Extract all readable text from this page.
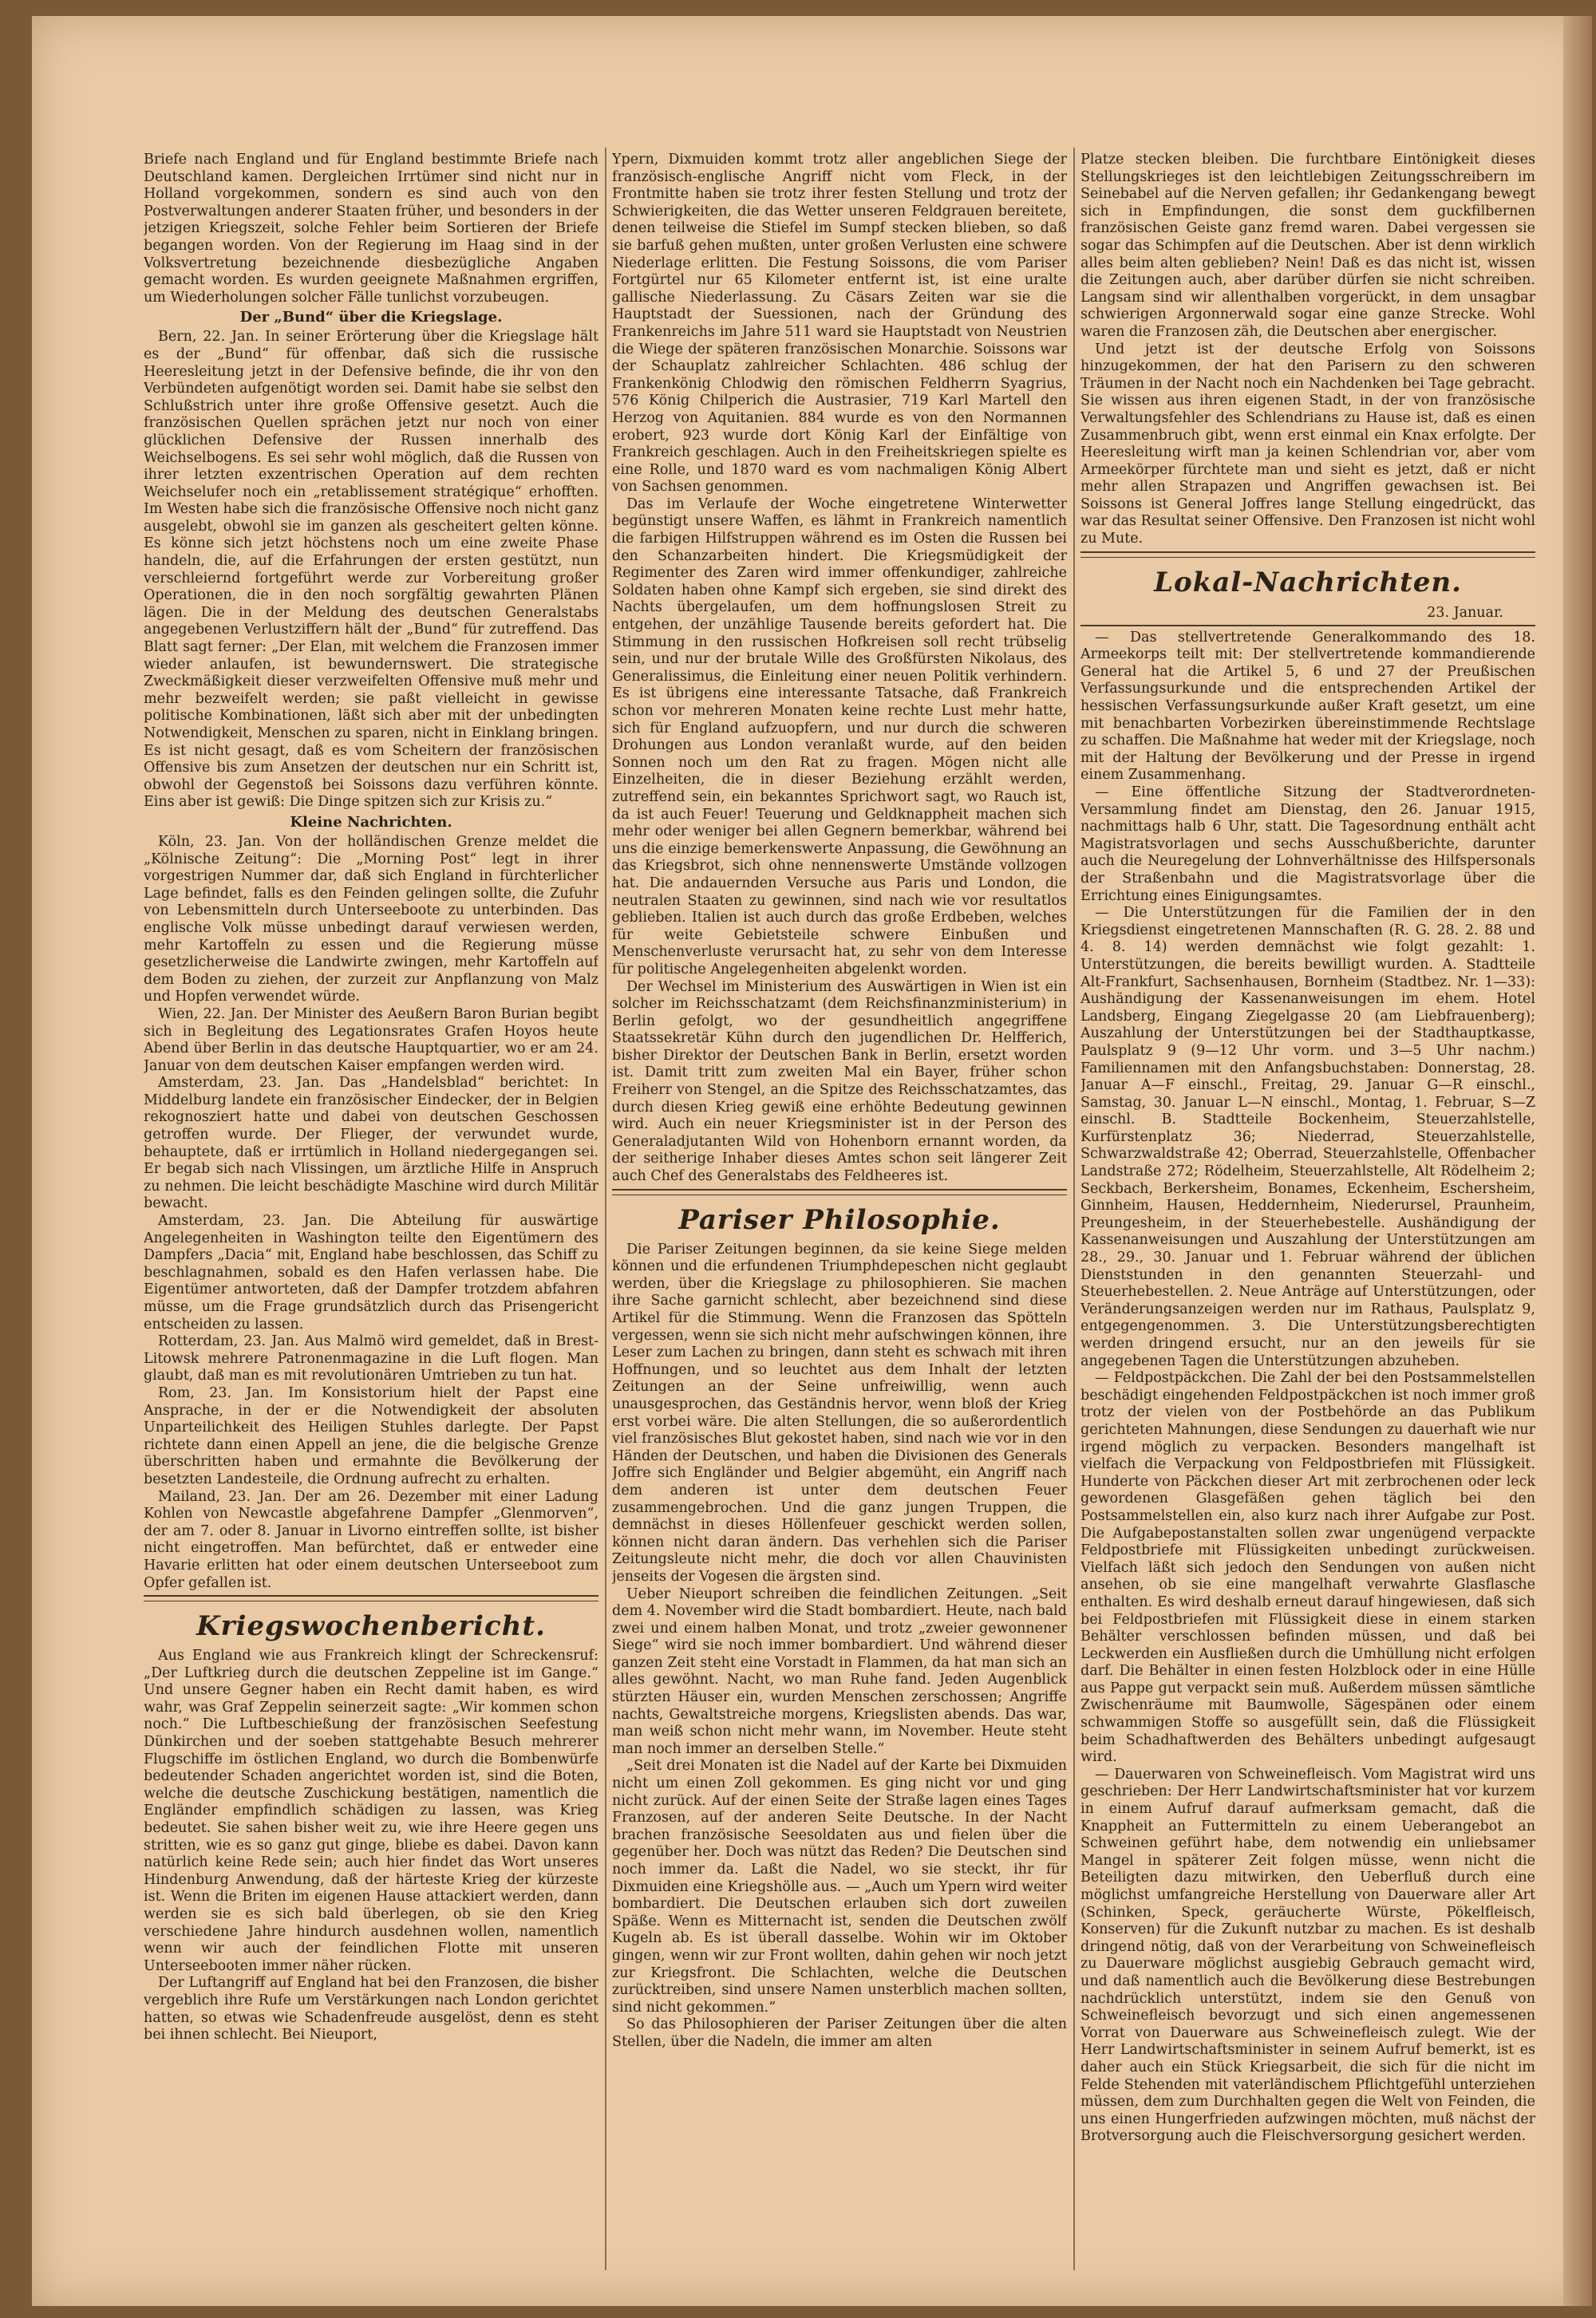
Briefe nach England und für England bestimmte Briefe nach Deutschland kamen. Dergleichen Irrtümer sind nicht nur in Holland vorgekommen, sondern es sind auch von den Postverwaltungen anderer Staaten früher, und besonders in der jetzigen Kriegszeit, solche Fehler beim Sortieren der Briefe begangen worden. Von der Regierung im Haag sind in der Volksvertretung bezeichnende diesbezügliche Angaben gemacht worden. Es wurden geeignete Maßnahmen ergriffen, um Wiederholungen solcher Fälle tunlichst vorzubeugen.

Der „Bund“ über die Kriegslage.

Bern, 22. Jan. In seiner Erörterung über die Kriegslage hält es der „Bund“ für offenbar, daß sich die russische Heeresleitung jetzt in der Defensive befinde, die ihr von den Verbündeten aufgenötigt worden sei. Damit habe sie selbst den Schlußstrich unter ihre große Offensive gesetzt. Auch die französischen Quellen sprächen jetzt nur noch von einer glücklichen Defensive der Russen innerhalb des Weichselbogens. Es sei sehr wohl möglich, daß die Russen von ihrer letzten exzentrischen Operation auf dem rechten Weichselufer noch ein „retablissement stratégique“ erhofften. Im Westen habe sich die französische Offensive noch nicht ganz ausgelebt, obwohl sie im ganzen als gescheitert gelten könne. Es könne sich jetzt höchstens noch um eine zweite Phase handeln, die, auf die Erfahrungen der ersten gestützt, nun verschleiernd fortgeführt werde zur Vorbereitung großer Operationen, die in den noch sorgfältig gewahrten Plänen lägen. Die in der Meldung des deutschen Generalstabs angegebenen Verlustziffern hält der „Bund“ für zutreffend. Das Blatt sagt ferner: „Der Elan, mit welchem die Franzosen immer wieder anlaufen, ist bewundernswert. Die strategische Zweckmäßigkeit dieser verzweifelten Offensive muß mehr und mehr bezweifelt werden; sie paßt vielleicht in gewisse politische Kombinationen, läßt sich aber mit der unbedingten Notwendigkeit, Menschen zu sparen, nicht in Einklang bringen. Es ist nicht gesagt, daß es vom Scheitern der französischen Offensive bis zum Ansetzen der deutschen nur ein Schritt ist, obwohl der Gegenstoß bei Soissons dazu verführen könnte. Eins aber ist gewiß: Die Dinge spitzen sich zur Krisis zu.“

Kleine Nachrichten.

Köln, 23. Jan. Von der holländischen Grenze meldet die „Kölnische Zeitung“: Die „Morning Post“ legt in ihrer vorgestrigen Nummer dar, daß sich England in fürchterlicher Lage befindet, falls es den Feinden gelingen sollte, die Zufuhr von Lebensmitteln durch Unterseeboote zu unterbinden. Das englische Volk müsse unbedingt darauf verwiesen werden, mehr Kartoffeln zu essen und die Regierung müsse gesetzlicherweise die Landwirte zwingen, mehr Kartoffeln auf dem Boden zu ziehen, der zurzeit zur Anpflanzung von Malz und Hopfen verwendet würde.

Wien, 22. Jan. Der Minister des Aeußern Baron Burian begibt sich in Begleitung des Legationsrates Grafen Hoyos heute Abend über Berlin in das deutsche Hauptquartier, wo er am 24. Januar von dem deutschen Kaiser empfangen werden wird.

Amsterdam, 23. Jan. Das „Handelsblad“ berichtet: In Middelburg landete ein französischer Eindecker, der in Belgien rekognosziert hatte und dabei von deutschen Geschossen getroffen wurde. Der Flieger, der verwundet wurde, behauptete, daß er irrtümlich in Holland niedergegangen sei. Er begab sich nach Vlissingen, um ärztliche Hilfe in Anspruch zu nehmen. Die leicht beschädigte Maschine wird durch Militär bewacht.

Amsterdam, 23. Jan. Die Abteilung für auswärtige Angelegenheiten in Washington teilte den Eigentümern des Dampfers „Dacia“ mit, England habe beschlossen, das Schiff zu beschlagnahmen, sobald es den Hafen verlassen habe. Die Eigentümer antworteten, daß der Dampfer trotzdem abfahren müsse, um die Frage grundsätzlich durch das Prisengericht entscheiden zu lassen.

Rotterdam, 23. Jan. Aus Malmö wird gemeldet, daß in Brest-Litowsk mehrere Patronenmagazine in die Luft flogen. Man glaubt, daß man es mit revolutionären Umtrieben zu tun hat.

Rom, 23. Jan. Im Konsistorium hielt der Papst eine Ansprache, in der er die Notwendigkeit der absoluten Unparteilichkeit des Heiligen Stuhles darlegte. Der Papst richtete dann einen Appell an jene, die die belgische Grenze überschritten haben und ermahnte die Bevölkerung der besetzten Landesteile, die Ordnung aufrecht zu erhalten.

Mailand, 23. Jan. Der am 26. Dezember mit einer Ladung Kohlen von Newcastle abgefahrene Dampfer „Glenmorven“, der am 7. oder 8. Januar in Livorno eintreffen sollte, ist bisher nicht eingetroffen. Man befürchtet, daß er entweder eine Havarie erlitten hat oder einem deutschen Unterseeboot zum Opfer gefallen ist.

Kriegswochenbericht.

Aus England wie aus Frankreich klingt der Schreckensruf: „Der Luftkrieg durch die deutschen Zeppeline ist im Gange.“ Und unsere Gegner haben ein Recht damit haben, es wird wahr, was Graf Zeppelin seinerzeit sagte: „Wir kommen schon noch.“ Die Luftbeschießung der französischen Seefestung Dünkirchen und der soeben stattgehabte Besuch mehrerer Flugschiffe im östlichen England, wo durch die Bombenwürfe bedeutender Schaden angerichtet worden ist, sind die Boten, welche die deutsche Zuschickung bestätigen, namentlich die Engländer empfindlich schädigen zu lassen, was Krieg bedeutet. Sie sahen bisher weit zu, wie ihre Heere gegen uns stritten, wie es so ganz gut ginge, bliebe es dabei. Davon kann natürlich keine Rede sein; auch hier findet das Wort unseres Hindenburg Anwendung, daß der härteste Krieg der kürzeste ist. Wenn die Briten im eigenen Hause attackiert werden, dann werden sie es sich bald überlegen, ob sie den Krieg verschiedene Jahre hindurch ausdehnen wollen, namentlich wenn wir auch der feindlichen Flotte mit unseren Unterseebooten immer näher rücken.

Der Luftangriff auf England hat bei den Franzosen, die bisher vergeblich ihre Rufe um Verstärkungen nach London gerichtet hatten, so etwas wie Schadenfreude ausgelöst, denn es steht bei ihnen schlecht. Bei Nieuport,

Ypern, Dixmuiden kommt trotz aller angeblichen Siege der französisch-englische Angriff nicht vom Fleck, in der Frontmitte haben sie trotz ihrer festen Stellung und trotz der Schwierigkeiten, die das Wetter unseren Feldgrauen bereitete, denen teilweise die Stiefel im Sumpf stecken blieben, so daß sie barfuß gehen mußten, unter großen Verlusten eine schwere Niederlage erlitten. Die Festung Soissons, die vom Pariser Fortgürtel nur 65 Kilometer entfernt ist, ist eine uralte gallische Niederlassung. Zu Cäsars Zeiten war sie die Hauptstadt der Suessionen, nach der Gründung des Frankenreichs im Jahre 511 ward sie Hauptstadt von Neustrien die Wiege der späteren französischen Monarchie. Soissons war der Schauplatz zahlreicher Schlachten. 486 schlug der Frankenkönig Chlodwig den römischen Feldherrn Syagrius, 576 König Chilperich die Austrasier, 719 Karl Martell den Herzog von Aquitanien. 884 wurde es von den Normannen erobert, 923 wurde dort König Karl der Einfältige von Frankreich geschlagen. Auch in den Freiheitskriegen spielte es eine Rolle, und 1870 ward es vom nachmaligen König Albert von Sachsen genommen.

Das im Verlaufe der Woche eingetretene Winterwetter begünstigt unsere Waffen, es lähmt in Frankreich namentlich die farbigen Hilfstruppen während es im Osten die Russen bei den Schanzarbeiten hindert. Die Kriegsmüdigkeit der Regimenter des Zaren wird immer offenkundiger, zahlreiche Soldaten haben ohne Kampf sich ergeben, sie sind direkt des Nachts übergelaufen, um dem hoffnungslosen Streit zu entgehen, der unzählige Tausende bereits gefordert hat. Die Stimmung in den russischen Hofkreisen soll recht trübselig sein, und nur der brutale Wille des Großfürsten Nikolaus, des Generalissimus, die Einleitung einer neuen Politik verhindern. Es ist übrigens eine interessante Tatsache, daß Frankreich schon vor mehreren Monaten keine rechte Lust mehr hatte, sich für England aufzuopfern, und nur durch die schweren Drohungen aus London veranlaßt wurde, auf den beiden Sonnen noch um den Rat zu fragen. Mögen nicht alle Einzelheiten, die in dieser Beziehung erzählt werden, zutreffend sein, ein bekanntes Sprichwort sagt, wo Rauch ist, da ist auch Feuer! Teuerung und Geldknappheit machen sich mehr oder weniger bei allen Gegnern bemerkbar, während bei uns die einzige bemerkenswerte Anpassung, die Gewöhnung an das Kriegsbrot, sich ohne nennenswerte Umstände vollzogen hat. Die andauernden Versuche aus Paris und London, die neutralen Staaten zu gewinnen, sind nach wie vor resultatlos geblieben. Italien ist auch durch das große Erdbeben, welches für weite Gebietsteile schwere Einbußen und Menschenverluste verursacht hat, zu sehr von dem Interesse für politische Angelegenheiten abgelenkt worden.

Der Wechsel im Ministerium des Auswärtigen in Wien ist ein solcher im Reichsschatzamt (dem Reichsfinanzministerium) in Berlin gefolgt, wo der gesundheitlich angegriffene Staatssekretär Kühn durch den jugendlichen Dr. Helfferich, bisher Direktor der Deutschen Bank in Berlin, ersetzt worden ist. Damit tritt zum zweiten Mal ein Bayer, früher schon Freiherr von Stengel, an die Spitze des Reichsschatzamtes, das durch diesen Krieg gewiß eine erhöhte Bedeutung gewinnen wird. Auch ein neuer Kriegsminister ist in der Person des Generaladjutanten Wild von Hohenborn ernannt worden, da der seitherige Inhaber dieses Amtes schon seit längerer Zeit auch Chef des Generalstabs des Feldheeres ist.

Pariser Philosophie.

Die Pariser Zeitungen beginnen, da sie keine Siege melden können und die erfundenen Triumphdepeschen nicht geglaubt werden, über die Kriegslage zu philosophieren. Sie machen ihre Sache garnicht schlecht, aber bezeichnend sind diese Artikel für die Stimmung. Wenn die Franzosen das Spötteln vergessen, wenn sie sich nicht mehr aufschwingen können, ihre Leser zum Lachen zu bringen, dann steht es schwach mit ihren Hoffnungen, und so leuchtet aus dem Inhalt der letzten Zeitungen an der Seine unfreiwillig, wenn auch unausgesprochen, das Geständnis hervor, wenn bloß der Krieg erst vorbei wäre. Die alten Stellungen, die so außerordentlich viel französisches Blut gekostet haben, sind nach wie vor in den Händen der Deutschen, und haben die Divisionen des Generals Joffre sich Engländer und Belgier abgemüht, ein Angriff nach dem anderen ist unter dem deutschen Feuer zusammengebrochen. Und die ganz jungen Truppen, die demnächst in dieses Höllenfeuer geschickt werden sollen, können nicht daran ändern. Das verhehlen sich die Pariser Zeitungsleute nicht mehr, die doch vor allen Chauvinisten jenseits der Vogesen die ärgsten sind.

Ueber Nieuport schreiben die feindlichen Zeitungen. „Seit dem 4. November wird die Stadt bombardiert. Heute, nach bald zwei und einem halben Monat, und trotz „zweier gewonnener Siege“ wird sie noch immer bombardiert. Und während dieser ganzen Zeit steht eine Vorstadt in Flammen, da hat man sich an alles gewöhnt. Nacht, wo man Ruhe fand. Jeden Augenblick stürzten Häuser ein, wurden Menschen zerschossen; Angriffe nachts, Gewaltstreiche morgens, Kriegslisten abends. Das war, man weiß schon nicht mehr wann, im November. Heute steht man noch immer an derselben Stelle.“

„Seit drei Monaten ist die Nadel auf der Karte bei Dixmuiden nicht um einen Zoll gekommen. Es ging nicht vor und ging nicht zurück. Auf der einen Seite der Straße lagen eines Tages Franzosen, auf der anderen Seite Deutsche. In der Nacht brachen französische Seesoldaten aus und fielen über die gegenüber her. Doch was nützt das Reden? Die Deutschen sind noch immer da. Laßt die Nadel, wo sie steckt, ihr für Dixmuiden eine Kriegshölle aus. — „Auch um Ypern wird weiter bombardiert. Die Deutschen erlauben sich dort zuweilen Späße. Wenn es Mitternacht ist, senden die Deutschen zwölf Kugeln ab. Es ist überall dasselbe. Wohin wir im Oktober gingen, wenn wir zur Front wollten, dahin gehen wir noch jetzt zur Kriegsfront. Die Schlachten, welche die Deutschen zurücktreiben, sind unsere Namen unsterblich machen sollten, sind nicht gekommen.“

So das Philosophieren der Pariser Zeitungen über die alten Stellen, über die Nadeln, die immer am alten

Platze stecken bleiben. Die furchtbare Eintönigkeit dieses Stellungskrieges ist den leichtlebigen Zeitungsschreibern im Seinebabel auf die Nerven gefallen; ihr Gedankengang bewegt sich in Empfindungen, die sonst dem guckfilbernen französischen Geiste ganz fremd waren. Dabei vergessen sie sogar das Schimpfen auf die Deutschen. Aber ist denn wirklich alles beim alten geblieben? Nein! Daß es das nicht ist, wissen die Zeitungen auch, aber darüber dürfen sie nicht schreiben. Langsam sind wir allenthalben vorgerückt, in dem unsagbar schwierigen Argonnerwald sogar eine ganze Strecke. Wohl waren die Franzosen zäh, die Deutschen aber energischer.

Und jetzt ist der deutsche Erfolg von Soissons hinzugekommen, der hat den Parisern zu den schweren Träumen in der Nacht noch ein Nachdenken bei Tage gebracht. Sie wissen aus ihren eigenen Stadt, in der von französische Verwaltungsfehler des Schlendrians zu Hause ist, daß es einen Zusammenbruch gibt, wenn erst einmal ein Knax erfolgte. Der Heeresleitung wirft man ja keinen Schlendrian vor, aber vom Armeekörper fürchtete man und sieht es jetzt, daß er nicht mehr allen Strapazen und Angriffen gewachsen ist. Bei Soissons ist General Joffres lange Stellung eingedrückt, das war das Resultat seiner Offensive. Den Franzosen ist nicht wohl zu Mute.

Lokal-Nachrichten.
23. Januar.

— Das stellvertretende Generalkommando des 18. Armeekorps teilt mit: Der stellvertretende kommandierende General hat die Artikel 5, 6 und 27 der Preußischen Verfassungsurkunde und die entsprechenden Artikel der hessischen Verfassungsurkunde außer Kraft gesetzt, um eine mit benachbarten Vorbezirken übereinstimmende Rechtslage zu schaffen. Die Maßnahme hat weder mit der Kriegslage, noch mit der Haltung der Bevölkerung und der Presse in irgend einem Zusammenhang.

— Eine öffentliche Sitzung der Stadtverordneten-Versammlung findet am Dienstag, den 26. Januar 1915, nachmittags halb 6 Uhr, statt. Die Tagesordnung enthält acht Magistratsvorlagen und sechs Ausschußberichte, darunter auch die Neuregelung der Lohnverhältnisse des Hilfspersonals der Straßenbahn und die Magistratsvorlage über die Errichtung eines Einigungsamtes.

— Die Unterstützungen für die Familien der in den Kriegsdienst eingetretenen Mannschaften (R. G. 28. 2. 88 und 4. 8. 14) werden demnächst wie folgt gezahlt: 1. Unterstützungen, die bereits bewilligt wurden. A. Stadtteile Alt-Frankfurt, Sachsenhausen, Bornheim (Stadtbez. Nr. 1—33): Aushändigung der Kassenanweisungen im ehem. Hotel Landsberg, Eingang Ziegelgasse 20 (am Liebfrauenberg); Auszahlung der Unterstützungen bei der Stadthauptkasse, Paulsplatz 9 (9—12 Uhr vorm. und 3—5 Uhr nachm.) Familiennamen mit den Anfangsbuchstaben: Donnerstag, 28. Januar A—F einschl., Freitag, 29. Januar G—R einschl., Samstag, 30. Januar L—N einschl., Montag, 1. Februar, S—Z einschl. B. Stadtteile Bockenheim, Steuerzahlstelle, Kurfürstenplatz 36; Niederrad, Steuerzahlstelle, Schwarzwaldstraße 42; Oberrad, Steuerzahlstelle, Offenbacher Landstraße 272; Rödelheim, Steuerzahlstelle, Alt Rödelheim 2; Seckbach, Berkersheim, Bonames, Eckenheim, Eschersheim, Ginnheim, Hausen, Heddernheim, Niederursel, Praunheim, Preungesheim, in der Steuerhebestelle. Aushändigung der Kassenanweisungen und Auszahlung der Unterstützungen am 28., 29., 30. Januar und 1. Februar während der üblichen Dienststunden in den genannten Steuerzahl- und Steuerhebestellen. 2. Neue Anträge auf Unterstützungen, oder Veränderungsanzeigen werden nur im Rathaus, Paulsplatz 9, entgegengenommen. 3. Die Unterstützungsberechtigten werden dringend ersucht, nur an den jeweils für sie angegebenen Tagen die Unterstützungen abzuheben.

— Feldpostpäckchen. Die Zahl der bei den Postsammelstellen beschädigt eingehenden Feldpostpäckchen ist noch immer groß trotz der vielen von der Postbehörde an das Publikum gerichteten Mahnungen, diese Sendungen zu dauerhaft wie nur irgend möglich zu verpacken. Besonders mangelhaft ist vielfach die Verpackung von Feldpostbriefen mit Flüssigkeit. Hunderte von Päckchen dieser Art mit zerbrochenen oder leck gewordenen Glasgefäßen gehen täglich bei den Postsammelstellen ein, also kurz nach ihrer Aufgabe zur Post. Die Aufgabepostanstalten sollen zwar ungenügend verpackte Feldpostbriefe mit Flüssigkeiten unbedingt zurückweisen. Vielfach läßt sich jedoch den Sendungen von außen nicht ansehen, ob sie eine mangelhaft verwahrte Glasflasche enthalten. Es wird deshalb erneut darauf hingewiesen, daß sich bei Feldpostbriefen mit Flüssigkeit diese in einem starken Behälter verschlossen befinden müssen, und daß bei Leckwerden ein Ausfließen durch die Umhüllung nicht erfolgen darf. Die Behälter in einen festen Holzblock oder in eine Hülle aus Pappe gut verpackt sein muß. Außerdem müssen sämtliche Zwischenräume mit Baumwolle, Sägespänen oder einem schwammigen Stoffe so ausgefüllt sein, daß die Flüssigkeit beim Schadhaftwerden des Behälters unbedingt aufgesaugt wird.

— Dauerwaren von Schweinefleisch. Vom Magistrat wird uns geschrieben: Der Herr Landwirtschaftsminister hat vor kurzem in einem Aufruf darauf aufmerksam gemacht, daß die Knappheit an Futtermitteln zu einem Ueberangebot an Schweinen geführt habe, dem notwendig ein unliebsamer Mangel in späterer Zeit folgen müsse, wenn nicht die Beteiligten dazu mitwirken, den Ueberfluß durch eine möglichst umfangreiche Herstellung von Dauerware aller Art (Schinken, Speck, geräucherte Würste, Pökelfleisch, Konserven) für die Zukunft nutzbar zu machen. Es ist deshalb dringend nötig, daß von der Verarbeitung von Schweinefleisch zu Dauerware möglichst ausgiebig Gebrauch gemacht wird, und daß namentlich auch die Bevölkerung diese Bestrebungen nachdrücklich unterstützt, indem sie den Genuß von Schweinefleisch bevorzugt und sich einen angemessenen Vorrat von Dauerware aus Schweinefleisch zulegt. Wie der Herr Landwirtschaftsminister in seinem Aufruf bemerkt, ist es daher auch ein Stück Kriegsarbeit, die sich für die nicht im Felde Stehenden mit vaterländischem Pflichtgefühl unterziehen müssen, dem zum Durchhalten gegen die Welt von Feinden, die uns einen Hungerfrieden aufzwingen möchten, muß nächst der Brotversorgung auch die Fleischversorgung gesichert werden.
